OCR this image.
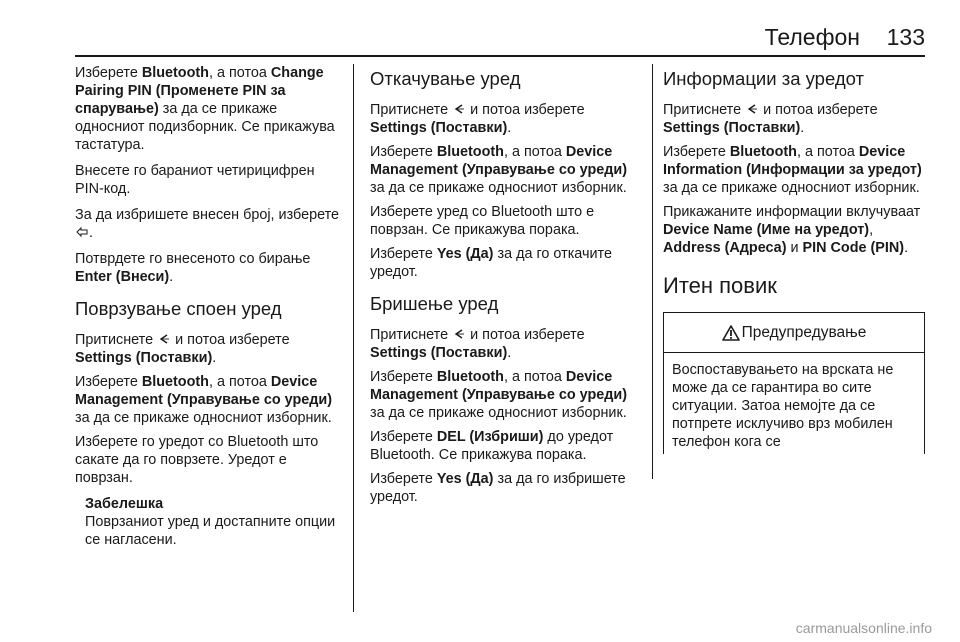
Телефон 133

Изберете Bluetooth, а потоа Change Pairing PIN (Променете PIN за спарување) за да се прикаже односниот подизборник. Се прикажува тастатура.

Внесете го бараниот четирицифрен PIN-код.

За да избришете внесен број, изберете .

Потврдете го внесеното со бирање Enter (Внеси).

Поврзување споен уред

Притиснете  и потоа изберете Settings (Поставки).

Изберете Bluetooth, а потоа Device Management (Управување со уреди) за да се прикаже односниот изборник.

Изберете го уредот со Bluetooth што сакате да го поврзете. Уредот е поврзан.

Забелешка
Поврзаниот уред и достапните опции се нагласени.
Откачување уред

Притиснете  и потоа изберете Settings (Поставки).

Изберете Bluetooth, а потоа Device Management (Управување со уреди) за да се прикаже односниот изборник.

Изберете уред со Bluetooth што е поврзан. Се прикажува порака.

Изберете Yes (Да) за да го откачите уредот.

Бришење уред

Притиснете  и потоа изберете Settings (Поставки).

Изберете Bluetooth, а потоа Device Management (Управување со уреди) за да се прикаже односниот изборник.

Изберете DEL (Избриши) до уредот Bluetooth. Се прикажува порака.

Изберете Yes (Да) за да го избришете уредот.

Информации за уредот

Притиснете  и потоа изберете Settings (Поставки).

Изберете Bluetooth, а потоа Device Information (Информации за уредот) за да се прикаже односниот изборник.

Прикажаните информации вклучуваат Device Name (Име на уредот), Address (Адреса) и PIN Code (PIN).

Итен повик
Предупредување
Воспоставувањето на врската не може да се гарантира во сите ситуации. Затоа немојте да се потпрете исклучиво врз мобилен телефон кога се
carmanualsonline.info
